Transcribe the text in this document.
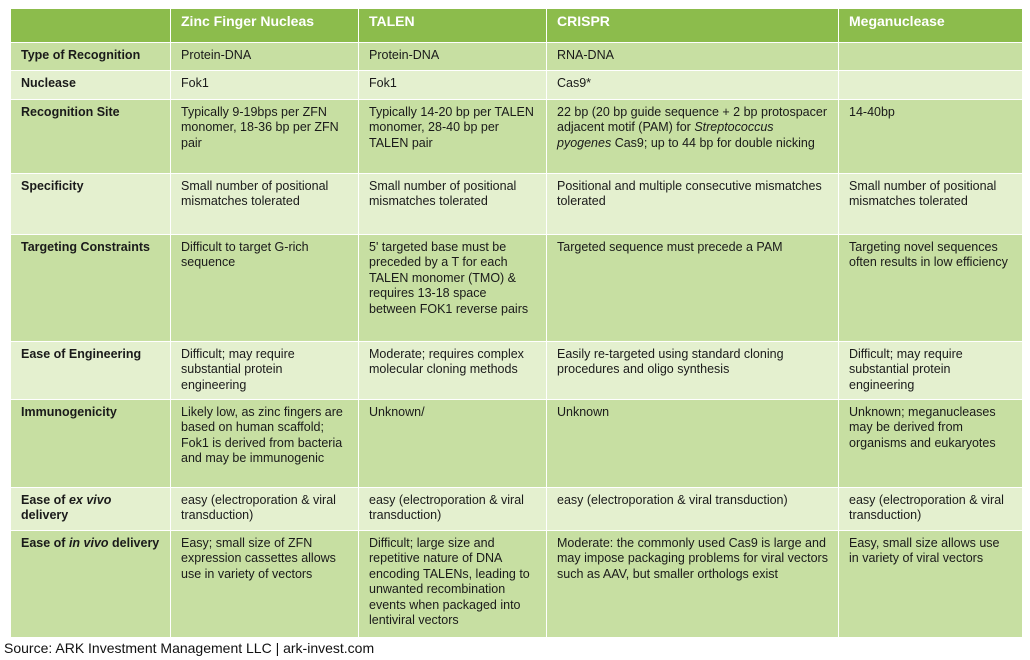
	Zinc Finger Nucleas	TALEN	CRISPR	Meganuclease
Type of Recognition	Protein-DNA	Protein-DNA	RNA-DNA	
Nuclease	Fok1	Fok1	Cas9*	
Recognition Site	Typically 9-19bps per ZFN monomer, 18-36 bp per ZFN pair	Typically 14-20 bp per TALEN monomer, 28-40 bp per TALEN pair	22 bp (20 bp guide sequence + 2 bp protospacer adjacent motif (PAM) for Streptococcus pyogenes Cas9; up to 44 bp for double nicking	14-40bp
Specificity	Small number of positional mismatches tolerated	Small number of positional mismatches tolerated	Positional and multiple consecutive mismatches tolerated	Small number of positional mismatches tolerated
Targeting Constraints	Difficult to target G-rich sequence	5' targeted base must be preceded by a T for each TALEN monomer (TMO) & requires 13-18 space between FOK1 reverse pairs	Targeted sequence must precede a PAM	Targeting novel sequences often results in low efficiency
Ease of Engineering	Difficult; may require substantial protein engineering	Moderate; requires complex molecular cloning methods	Easily re-targeted using standard cloning procedures and oligo synthesis	Difficult; may require substantial protein engineering
Immunogenicity	Likely low, as zinc fingers are based on human scaffold; Fok1 is derived from bacteria and may be immunogenic	Unknown/	Unknown	Unknown; meganucleases may be derived from organisms and eukaryotes
Ease of ex vivo delivery	easy (electroporation & viral transduction)	easy (electroporation & viral transduction)	easy (electroporation & viral transduction)	easy (electroporation & viral transduction)
Ease of in vivo delivery	Easy; small size of ZFN expression cassettes allows use in variety of vectors	Difficult; large size and repetitive nature of DNA encoding TALENs, leading to unwanted recombination events when packaged into lentiviral vectors	Moderate: the commonly used Cas9 is large and may impose packaging problems for viral vectors such as AAV, but smaller orthologs exist	Easy, small size allows use in variety of viral vectors
Source: ARK Investment Management LLC | ark-invest.com
